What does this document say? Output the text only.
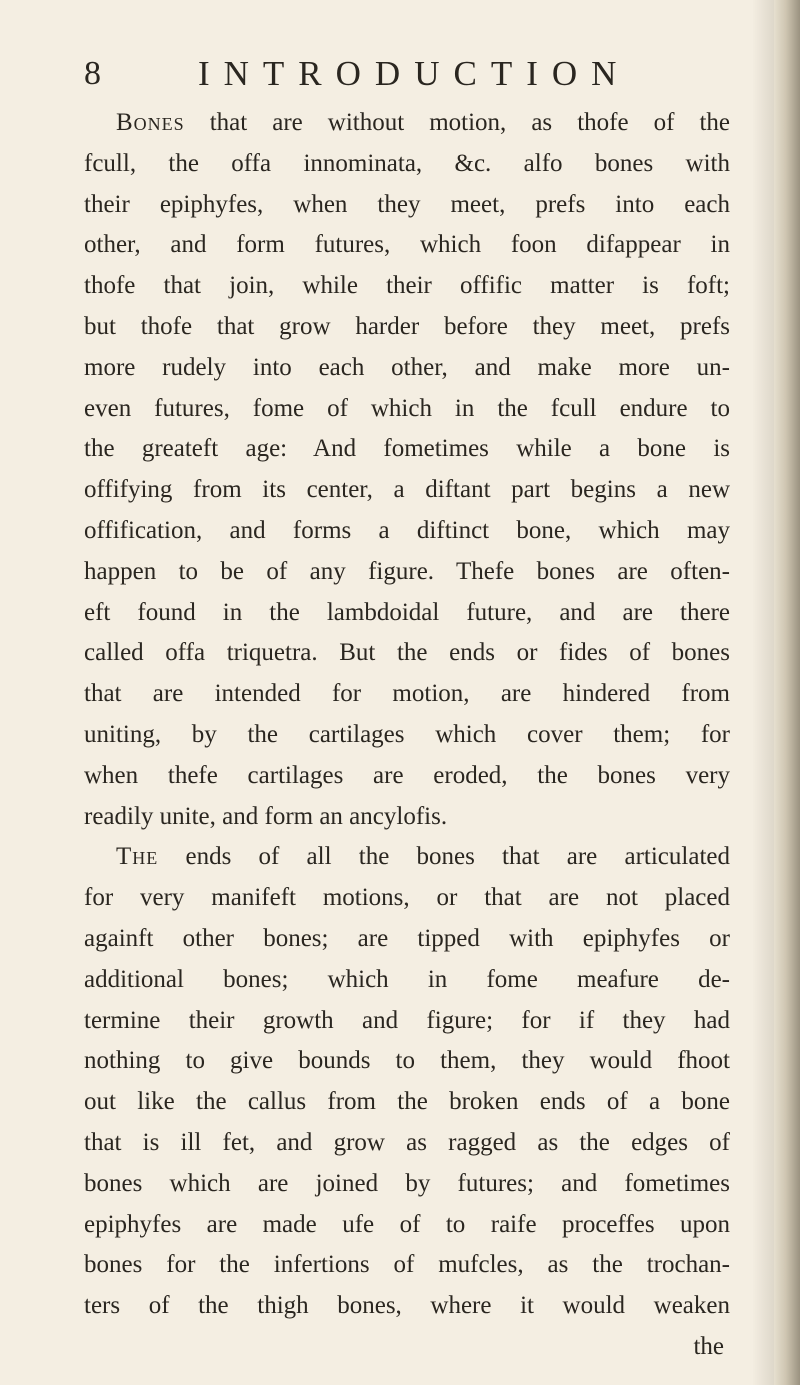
8	INTRODUCTION
Bones that are without motion, as thofe of the
fcull, the offa innominata, &c. alfo bones with
their epiphyfes, when they meet, prefs into each
other, and form futures, which foon difappear in
thofe that join, while their offific matter is foft;
but thofe that grow harder before they meet, prefs
more rudely into each other, and make more un-
even futures, fome of which in the fcull endure to
the greateft age: And fometimes while a bone is
offifying from its center, a diftant part begins a new
offification, and forms a diftinct bone, which may
happen to be of any figure. Thefe bones are often-
eft found in the lambdoidal future, and are there
called offa triquetra. But the ends or fides of bones
that are intended for motion, are hindered from
uniting, by the cartilages which cover them; for
when thefe cartilages are eroded, the bones very
readily unite, and form an ancylofis.
The ends of all the bones that are articulated
for very manifeft motions, or that are not placed
againft other bones; are tipped with epiphyfes or
additional bones; which in fome meafure de-
termine their growth and figure; for if they had
nothing to give bounds to them, they would fhoot
out like the callus from the broken ends of a bone
that is ill fet, and grow as ragged as the edges of
bones which are joined by futures; and fometimes
epiphyfes are made ufe of to raife proceffes upon
bones for the infertions of mufcles, as the trochan-
ters of the thigh bones, where it would weaken
the
